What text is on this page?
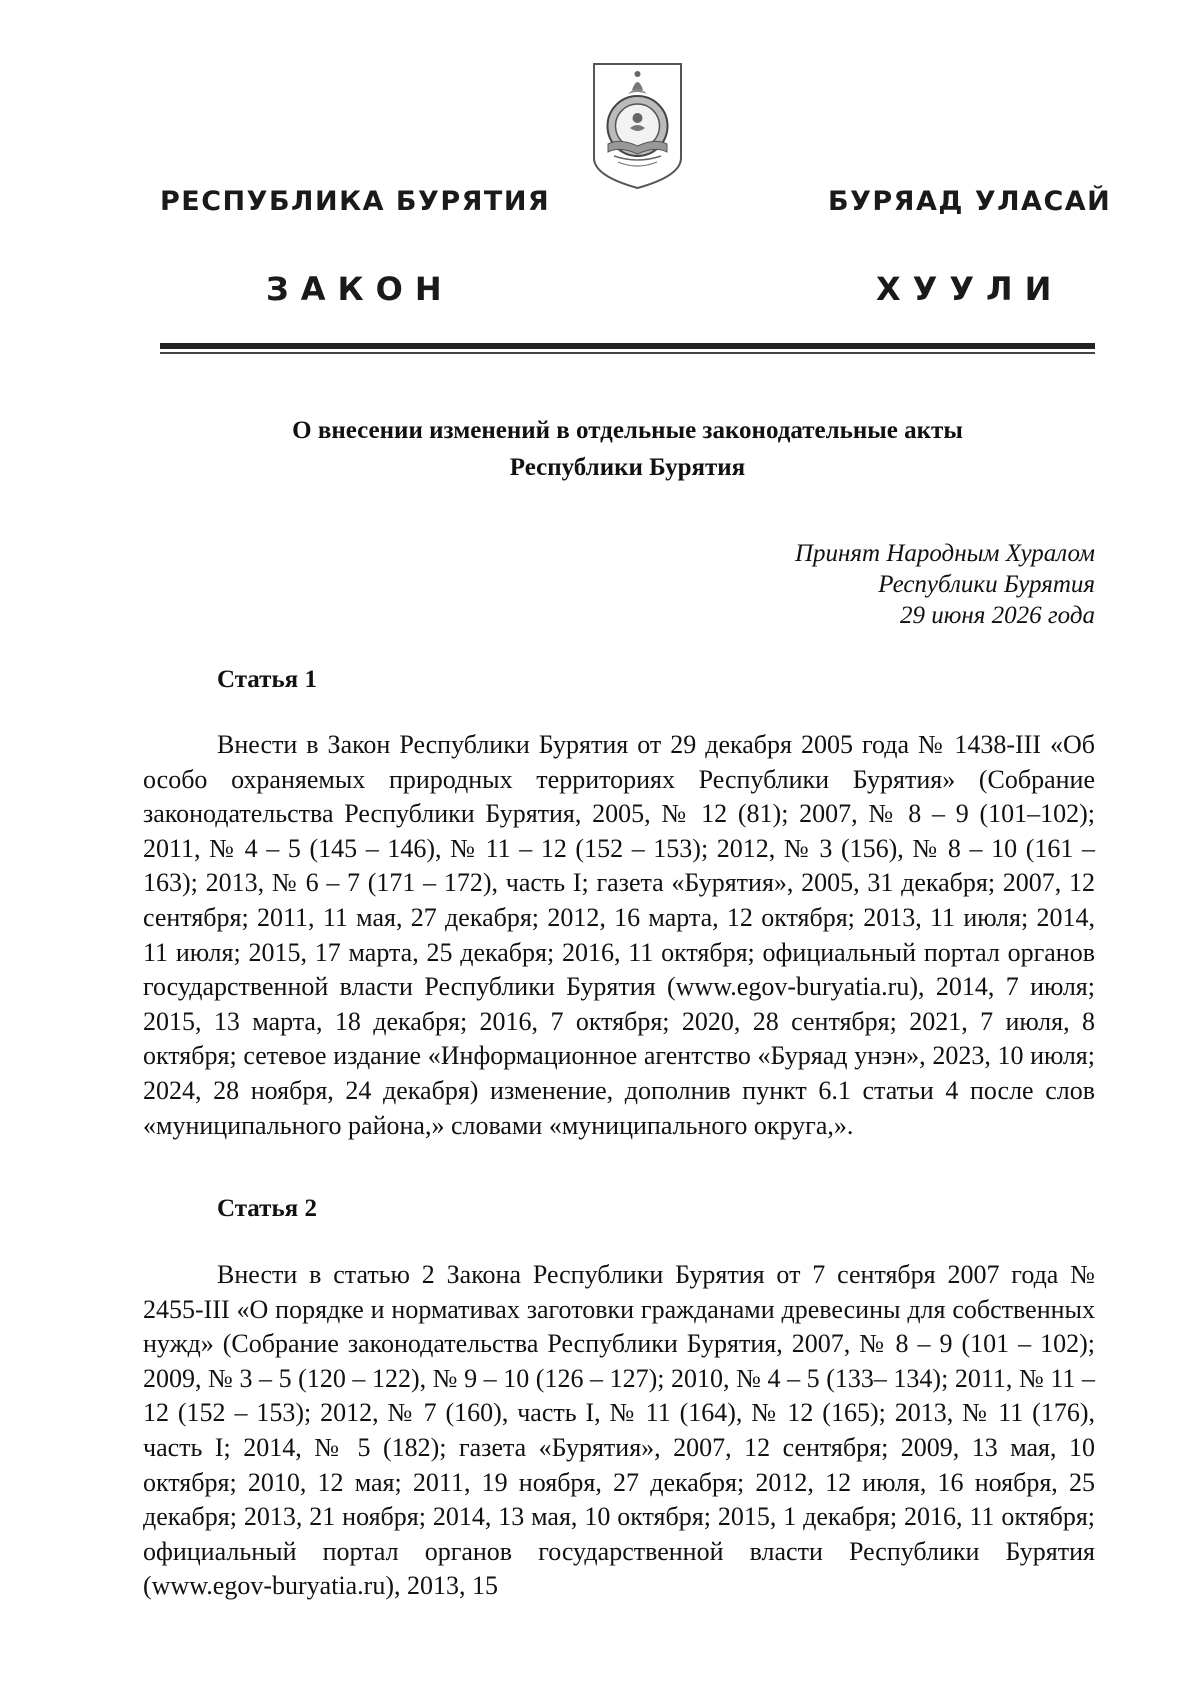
РЕСПУБЛИКА БУРЯТИЯ	БУРЯАД УЛАСАЙ
ЗАКОН	ХУУЛИ
О внесении изменений в отдельные законодательные акты
Республики Бурятия
Принят Народным Хуралом
Республики Бурятия
29 июня 2026 года
Статья 1
Внести в Закон Республики Бурятия от 29 декабря 2005 года № 1438-III «Об особо охраняемых природных территориях Республики Бурятия» (Собрание законодательства Республики Бурятия, 2005, № 12 (81); 2007, № 8 – 9 (101–102); 2011, № 4 – 5 (145 – 146), № 11 – 12 (152 – 153); 2012, № 3 (156), № 8 – 10 (161 – 163); 2013, № 6 – 7 (171 – 172), часть I; газета «Бурятия», 2005, 31 декабря; 2007, 12 сентября; 2011, 11 мая, 27 декабря; 2012, 16 марта, 12 октября; 2013, 11 июля; 2014, 11 июля; 2015, 17 марта, 25 декабря; 2016, 11 октября; официальный портал органов государственной власти Республики Бурятия (www.egov-buryatia.ru), 2014, 7 июля; 2015, 13 марта, 18 декабря; 2016, 7 октября; 2020, 28 сентября; 2021, 7 июля, 8 октября; сетевое издание «Информационное агентство «Буряад унэн», 2023, 10 июля; 2024, 28 ноября, 24 декабря) изменение, дополнив пункт 6.1 статьи 4 после слов «муниципального района,» словами «муниципального округа,».
Статья 2
Внести в статью 2 Закона Республики Бурятия от 7 сентября 2007 года № 2455-III «О порядке и нормативах заготовки гражданами древесины для собственных нужд» (Собрание законодательства Республики Бурятия, 2007, № 8 – 9 (101 – 102); 2009, № 3 – 5 (120 – 122), № 9 – 10 (126 – 127); 2010, № 4 – 5 (133– 134); 2011, № 11 – 12 (152 – 153); 2012, № 7 (160), часть I, № 11 (164), № 12 (165); 2013, № 11 (176), часть I; 2014, № 5 (182); газета «Бурятия», 2007, 12 сентября; 2009, 13 мая, 10 октября; 2010, 12 мая; 2011, 19 ноября, 27 декабря; 2012, 12 июля, 16 ноября, 25 декабря; 2013, 21 ноября; 2014, 13 мая, 10 октября; 2015, 1 декабря; 2016, 11 октября; официальный портал органов государственной власти Республики Бурятия (www.egov-buryatia.ru), 2013, 15
